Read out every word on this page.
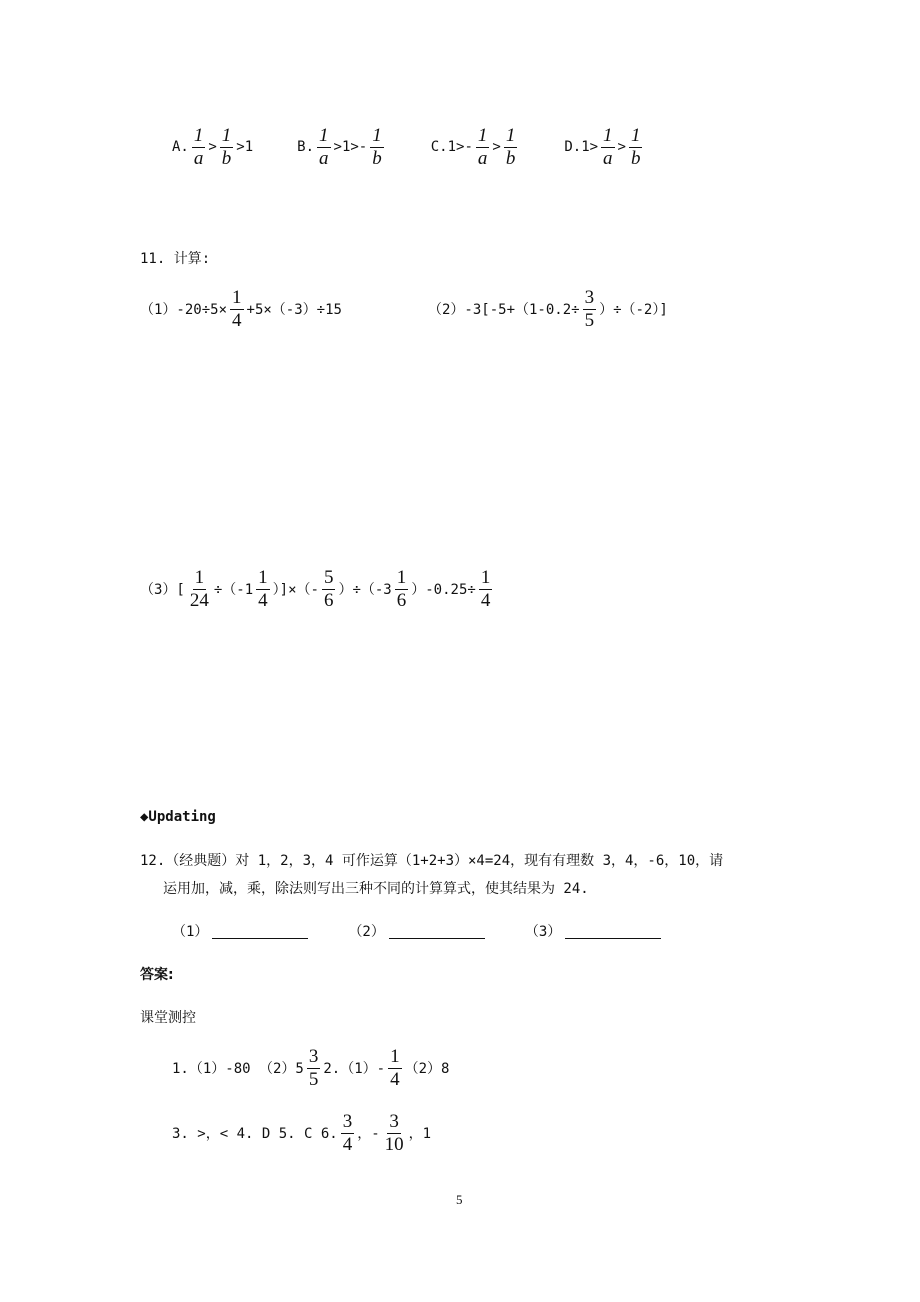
A. $\frac{1}{a} > \frac{1}{b} >1$	B. $\frac{1}{a} >1>- \frac{1}{b}$	C. $1>- \frac{1}{a} > \frac{1}{b}$	D. $1> \frac{1}{a} > \frac{1}{b}$
11. 计算:
$(1)-20\div 5\times \frac{1}{4} +5\times(-3)\div 15$	$(2)-3[-5+(1-0.2\div \frac{3}{5} )\div(-2)]$
$(3)[ \frac{1}{24} \div(-1 \frac{1}{4}$ ）]×（- $\frac{5}{6} )\div(-3 \frac{1}{6} )-0.25\div \frac{1}{4}$
◆Updating
12.（经典题）对 1，2，3，4 可作运算（1+2+3）×4=24，现有有理数 3，4，-6，10，请
运用加，减，乘，除法则写出三种不同的计算算式，使其结果为 24.
（1）	（2）	（3）
答案:
课堂测控
1.（1）-80 $(2)5 \frac{3}{5} 2.(1)- \frac{1}{4} (2)8$
3. >，< 4. D 5. C 6. $\frac{3}{4}$ ，- $\frac{3}{10}$ ，1
5
